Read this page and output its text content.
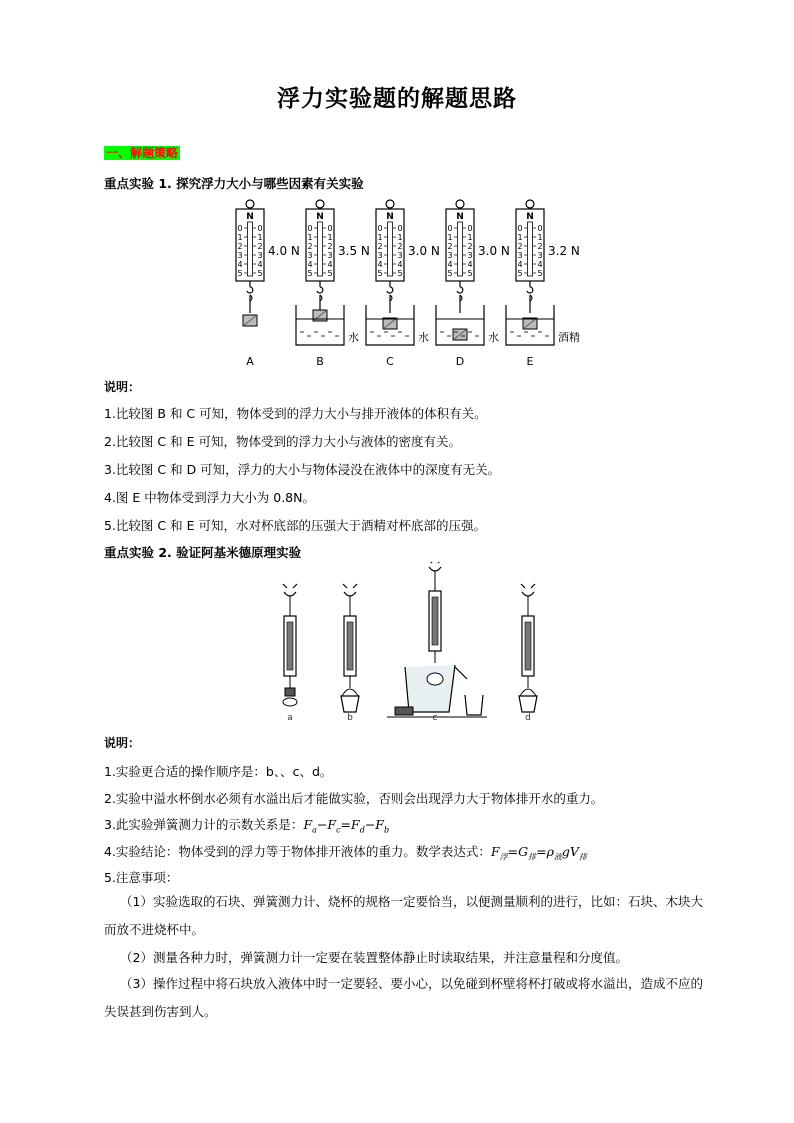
浮力实验题的解题思路
一、解题策略
重点实验 1. 探究浮力大小与哪些因素有关实验
N
0 0
1 1
2 2
3 3
4 4
5 5
4.0 N
A
N
0 0
1 1
2 2
3 3
4 4
5 5
3.5 N
水
B
N
0 0
1 1
2 2
3 3
4 4
5 5
3.0 N
水
C
N
0 0
1 1
2 2
3 3
4 4
5 5
3.0 N
水
D
N
0 0
1 1
2 2
3 3
4 4
5 5
3.2 N
酒精
E
说明：
1.比较图 B 和 C 可知，物体受到的浮力大小与排开液体的体积有关。
2.比较图 C 和 E 可知，物体受到的浮力大小与液体的密度有关。
3.比较图 C 和 D 可知，浮力的大小与物体浸没在液体中的深度有无关。
4.图 E 中物体受到浮力大小为 0.8N。
5.比较图 C 和 E 可知，水对杯底部的压强大于酒精对杯底部的压强。
重点实验 2. 验证阿基米德原理实验
a	b	c	d
说明：
1.实验更合适的操作顺序是：b、、c、d。
2.实验中溢水杯倒水必须有水溢出后才能做实验，否则会出现浮力大于物体排开水的重力。
3.此实验弹簧测力计的示数关系是：$F_a-F_c=F_d-F_b$
4.实验结论：物体受到的浮力等于物体排开液体的重力。数学表达式：$F_浮=G_排=\rho_液gV_排$
5.注意事项：
（1）实验选取的石块、弹簧测力计、烧杯的规格一定要恰当，以便测量顺利的进行，比如：石块、木块大而放不进烧杯中。
（2）测量各种力时，弹簧测力计一定要在装置整体静止时读取结果，并注意量程和分度值。
（3）操作过程中将石块放入液体中时一定要轻、要小心，以免碰到杯壁将杯打破或将水溢出，造成不应的失误甚到伤害到人。
